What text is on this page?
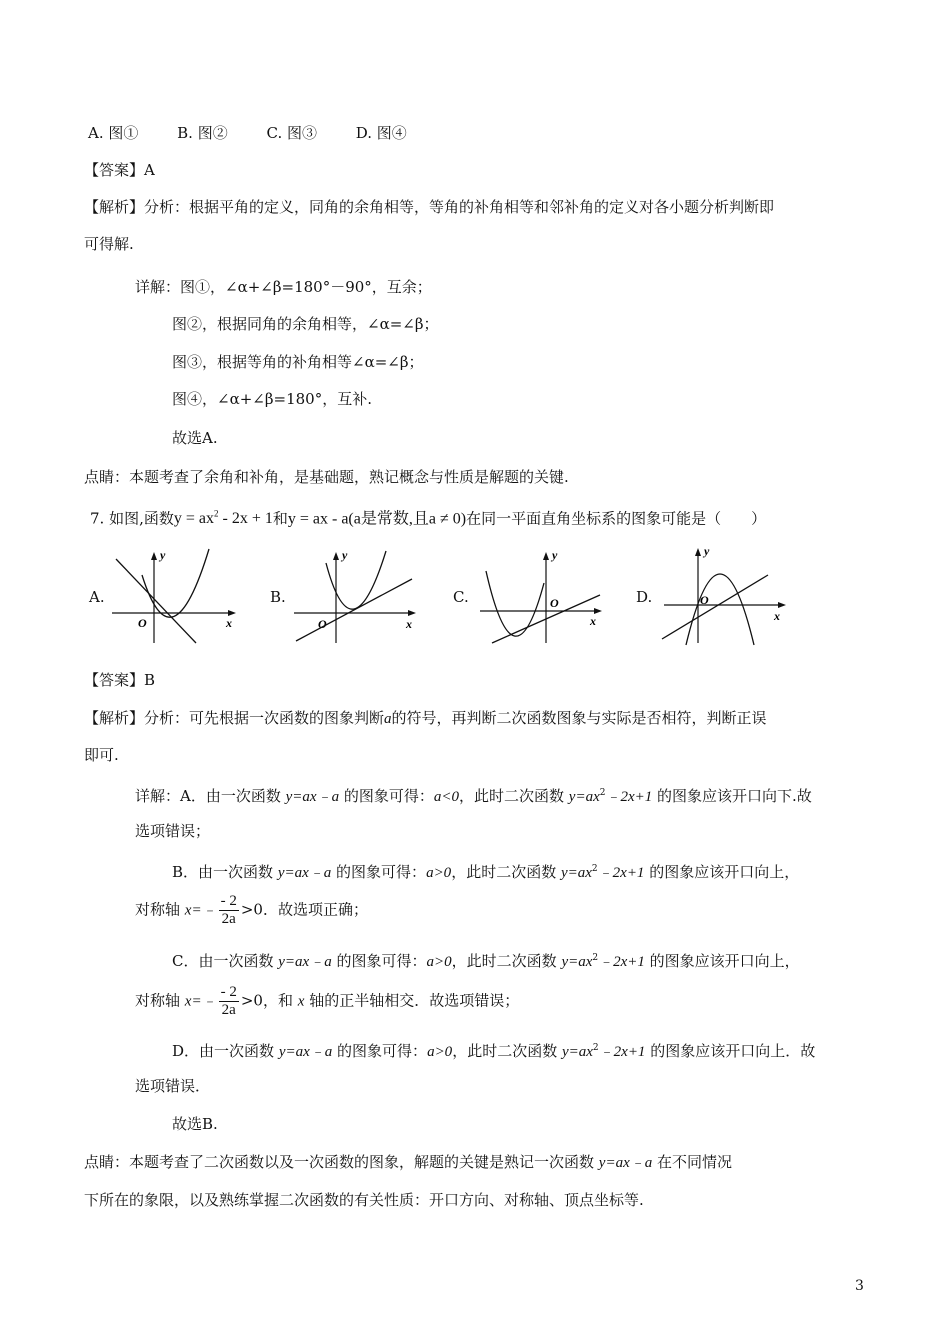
A. 图①	B. 图②	C. 图③	D. 图④
【答案】A
【解析】分析：根据平角的定义，同角的余角相等，等角的补角相等和邻补角的定义对各小题分析判断即
可得解.
详解：图①，∠α+∠β=180°－90°，互余；
图②，根据同角的余角相等，∠α=∠β；
图③，根据等角的补角相等∠α=∠β；
图④，∠α+∠β=180°，互补.
故选A.
点睛：本题考查了余角和补角，是基础题，熟记概念与性质是解题的关键.
7. 如图,函数$y = ax^2 - 2x + 1$和y = ax - a(a是常数,且a ≠ 0)在同一平面直角坐标系的图象可能是（　　）
A.	B.	C.	D.
y
x
O
y
x
O
y
x
O
y
x
O
【答案】B
【解析】分析：可先根据一次函数的图象判断a的符号，再判断二次函数图象与实际是否相符，判断正误
即可.
详解：A．由一次函数 y=ax﹣a 的图象可得：a<0，此时二次函数 $y=ax^2﹣2x+1$ 的图象应该开口向下.故
选项错误；
B．由一次函数 y=ax﹣a 的图象可得：a>0，此时二次函数 $y=ax^2﹣2x+1$ 的图象应该开口向上，
对称轴 x=﹣ $\frac{- 2}{2a} >0$．故选项正确；
C．由一次函数 y=ax﹣a 的图象可得：a>0，此时二次函数 $y=ax^2﹣2x+1$ 的图象应该开口向上，
对称轴 x=﹣ $\frac{- 2}{2a} >0$，和 x 轴的正半轴相交．故选项错误；
D．由一次函数 y=ax﹣a 的图象可得：a>0，此时二次函数 $y=ax^2﹣2x+1$ 的图象应该开口向上．故
选项错误．
故选B.
点睛：本题考查了二次函数以及一次函数的图象，解题的关键是熟记一次函数 y=ax﹣a 在不同情况
下所在的象限，以及熟练掌握二次函数的有关性质：开口方向、对称轴、顶点坐标等.
3
